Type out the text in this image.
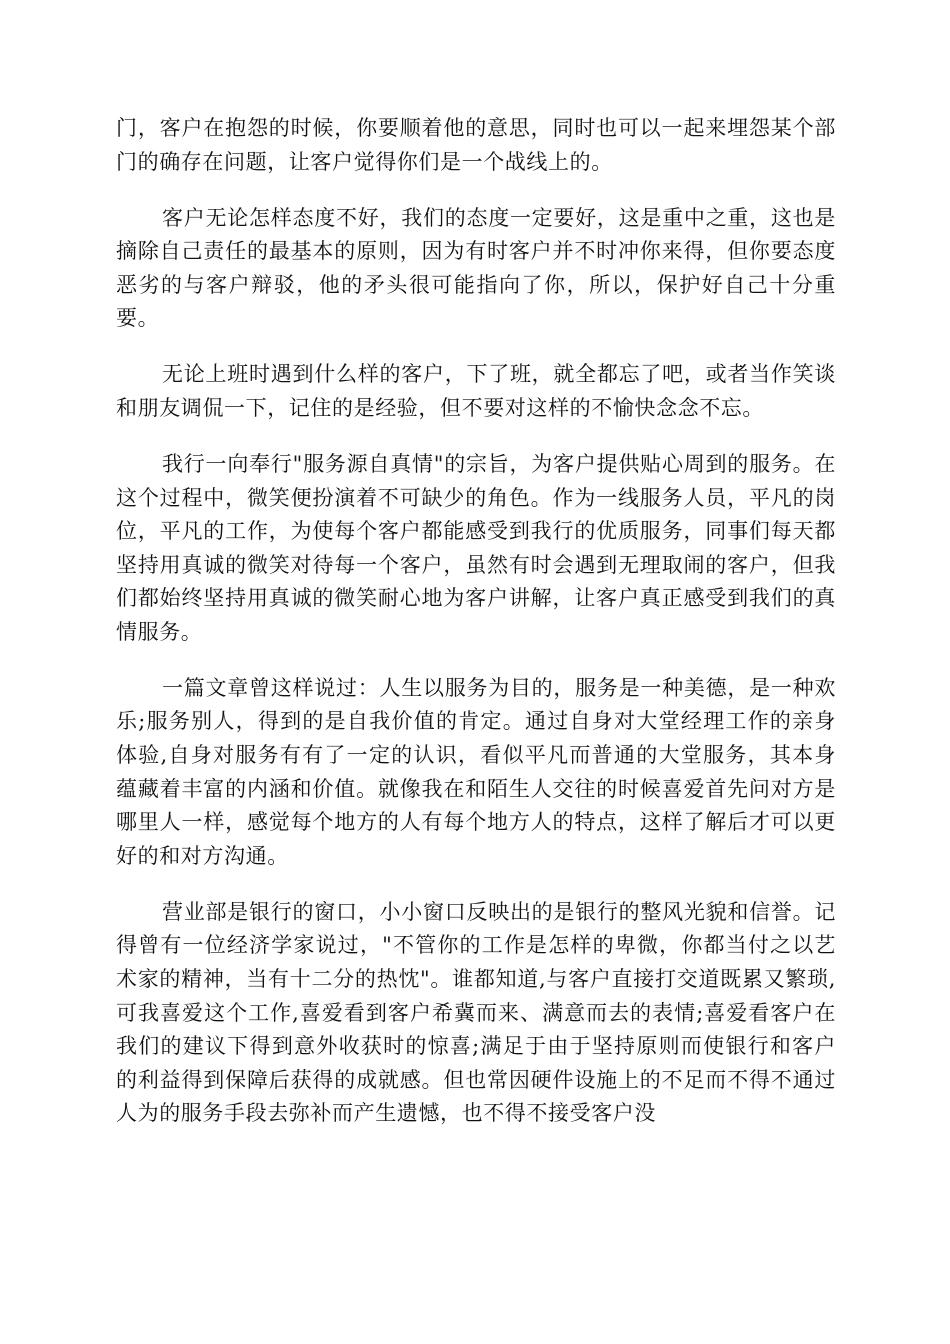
门，客户在抱怨的时候，你要顺着他的意思，同时也可以一起来埋怨某个部门的确存在问题，让客户觉得你们是一个战线上的。

客户无论怎样态度不好，我们的态度一定要好，这是重中之重，这也是摘除自己责任的最基本的原则，因为有时客户并不时冲你来得，但你要态度恶劣的与客户辩驳，他的矛头很可能指向了你，所以，保护好自己十分重要。

无论上班时遇到什么样的客户，下了班，就全都忘了吧，或者当作笑谈和朋友调侃一下，记住的是经验，但不要对这样的不愉快念念不忘。

我行一向奉行"服务源自真情"的宗旨，为客户提供贴心周到的服务。在这个过程中，微笑便扮演着不可缺少的角色。作为一线服务人员，平凡的岗位，平凡的工作，为使每个客户都能感受到我行的优质服务，同事们每天都坚持用真诚的微笑对待每一个客户，虽然有时会遇到无理取闹的客户，但我们都始终坚持用真诚的微笑耐心地为客户讲解，让客户真正感受到我们的真情服务。

一篇文章曾这样说过：人生以服务为目的，服务是一种美德，是一种欢乐;服务别人，得到的是自我价值的肯定。通过自身对大堂经理工作的亲身体验,自身对服务有有了一定的认识，看似平凡而普通的大堂服务，其本身蕴藏着丰富的内涵和价值。就像我在和陌生人交往的时候喜爱首先问对方是哪里人一样，感觉每个地方的人有每个地方人的特点，这样了解后才可以更好的和对方沟通。

营业部是银行的窗口，小小窗口反映出的是银行的整风光貌和信誉。记得曾有一位经济学家说过，"不管你的工作是怎样的卑微，你都当付之以艺术家的精神，当有十二分的热忱"。谁都知道,与客户直接打交道既累又繁琐,可我喜爱这个工作,喜爱看到客户希冀而来、满意而去的表情;喜爱看客户在我们的建议下得到意外收获时的惊喜;满足于由于坚持原则而使银行和客户的利益得到保障后获得的成就感。但也常因硬件设施上的不足而不得不通过人为的服务手段去弥补而产生遗憾，也不得不接受客户没
